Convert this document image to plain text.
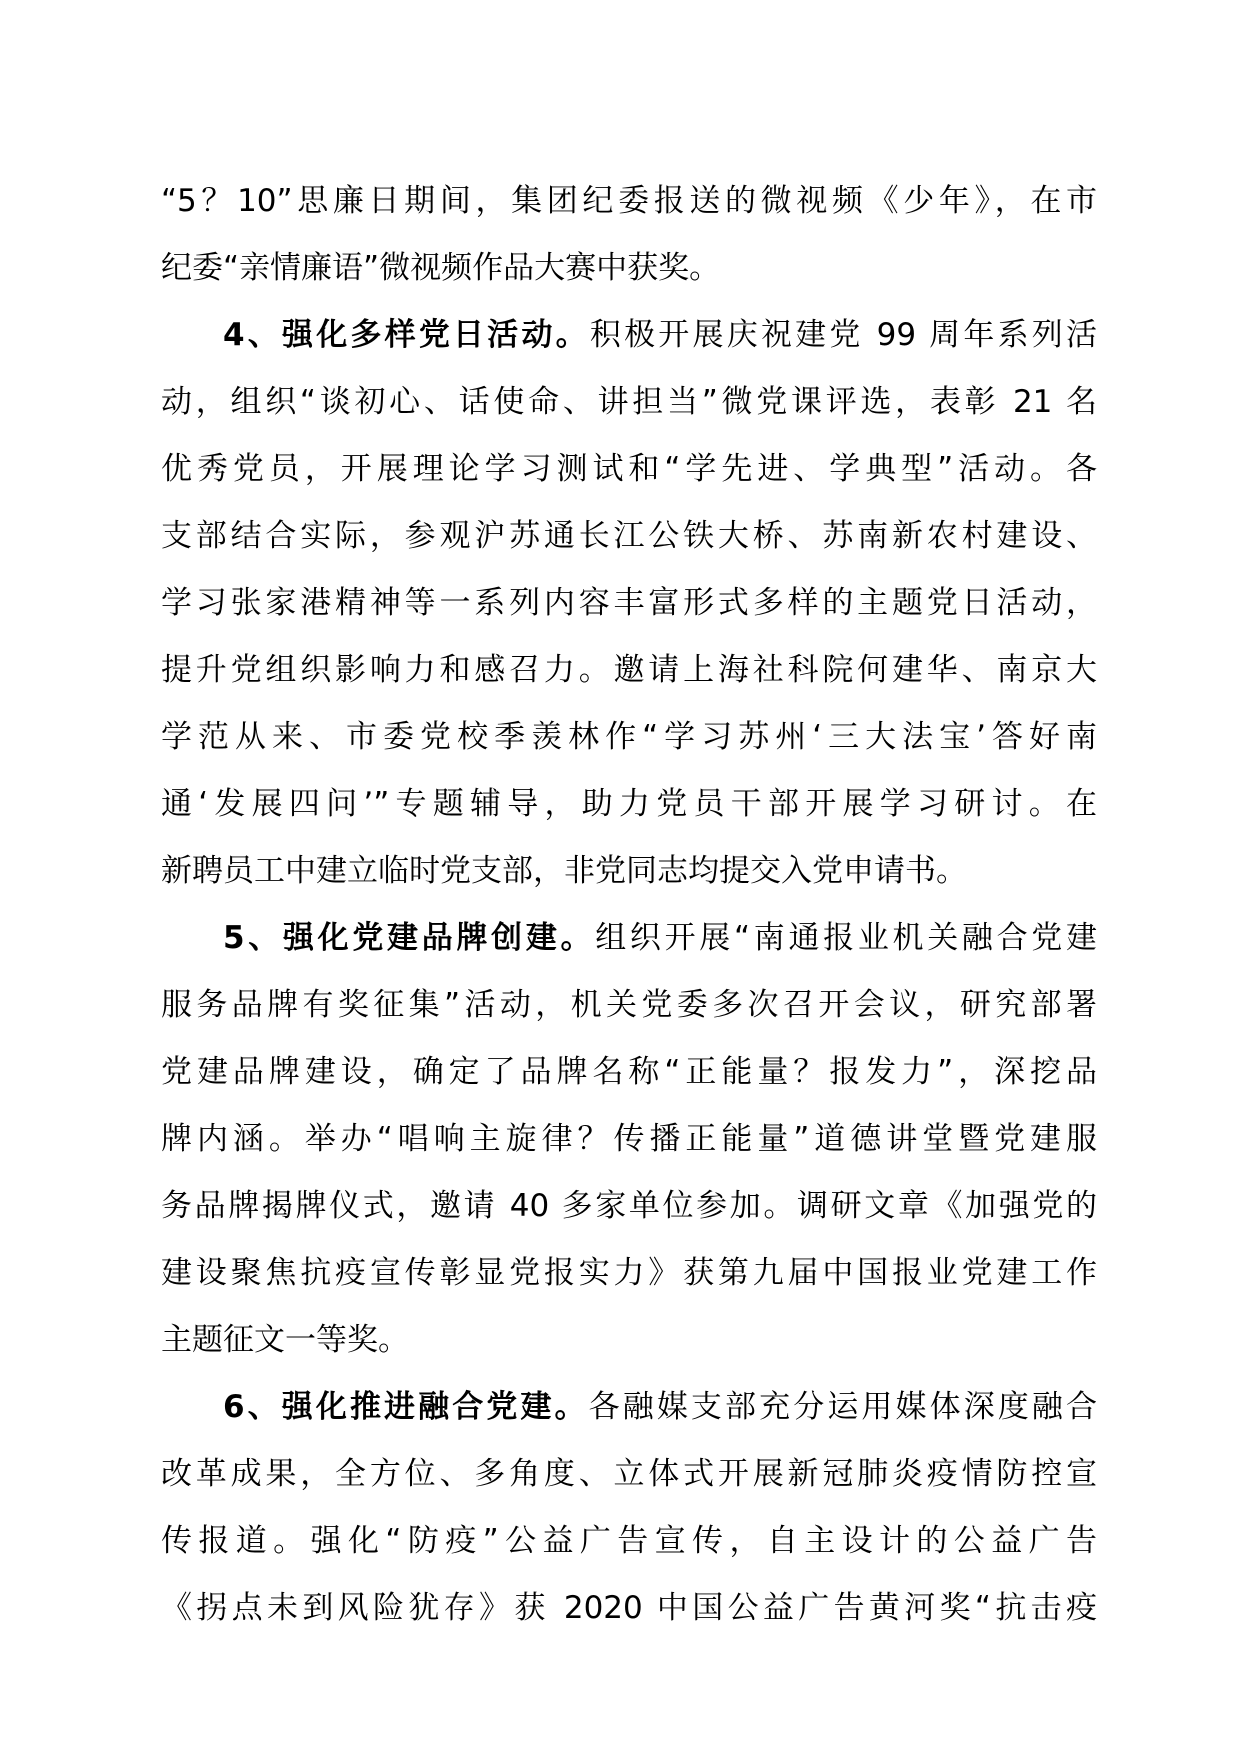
“5？10”思廉日期间，集团纪委报送的微视频《少年》，在市
纪委“亲情廉语”微视频作品大赛中获奖。
4、强化多样党日活动。积极开展庆祝建党 99 周年系列活
动，组织“谈初心、话使命、讲担当”微党课评选，表彰 21 名
优秀党员，开展理论学习测试和“学先进、学典型”活动。各
支部结合实际，参观沪苏通长江公铁大桥、苏南新农村建设、
学习张家港精神等一系列内容丰富形式多样的主题党日活动，
提升党组织影响力和感召力。邀请上海社科院何建华、南京大
学范从来、市委党校季羡林作“学习苏州‘三大法宝’答好南
通‘发展四问’”专题辅导，助力党员干部开展学习研讨。在
新聘员工中建立临时党支部，非党同志均提交入党申请书。
5、强化党建品牌创建。组织开展“南通报业机关融合党建
服务品牌有奖征集”活动，机关党委多次召开会议，研究部署
党建品牌建设，确定了品牌名称“正能量？报发力”，深挖品
牌内涵。举办“唱响主旋律？传播正能量”道德讲堂暨党建服
务品牌揭牌仪式，邀请 40 多家单位参加。调研文章《加强党的
建设聚焦抗疫宣传彰显党报实力》获第九届中国报业党建工作
主题征文一等奖。
6、强化推进融合党建。各融媒支部充分运用媒体深度融合
改革成果，全方位、多角度、立体式开展新冠肺炎疫情防控宣
传报道。强化“防疫”公益广告宣传，自主设计的公益广告
《拐点未到风险犹存》获 2020 中国公益广告黄河奖“抗击疫
